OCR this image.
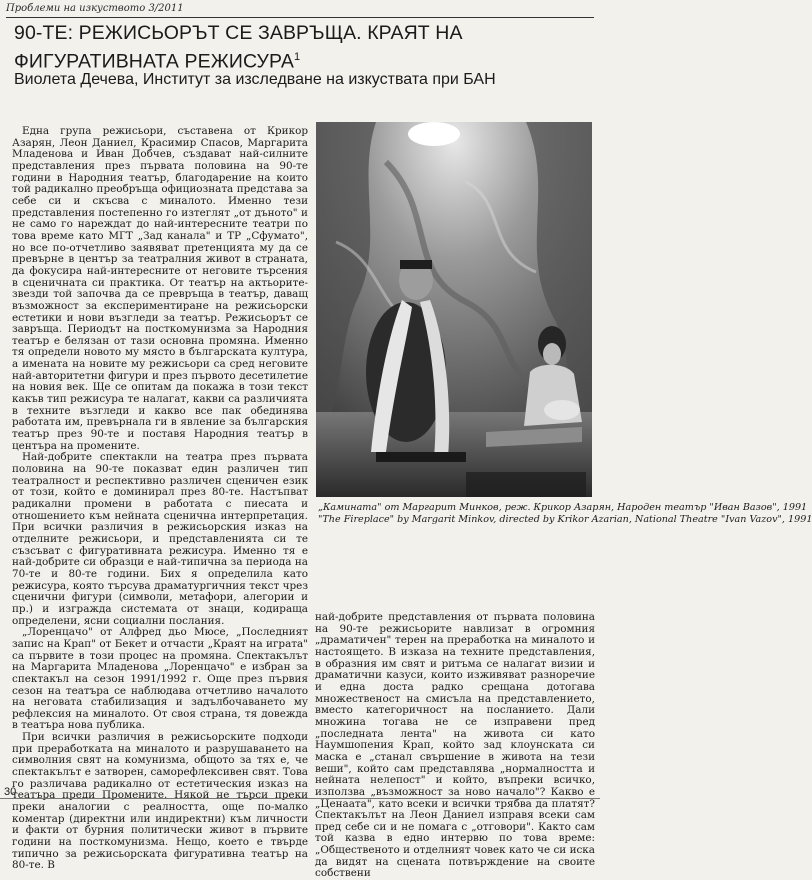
Проблеми на изкуството 3/2011
90-ТЕ: РЕЖИСЬОРЪТ СЕ ЗАВРЪЩА. КРАЯТ НА ФИГУРАТИВНАТА РЕЖИСУРА$^1$
Виолета Дечева, Институт за изследване на изкуствата при БАН

Една група режисьори, съставена от Крикор Азарян, Леон Даниел, Красимир Спасов, Маргарита Младенова и Иван Добчев, създават най-силните представления през първата половина на 90-те години в Народния театър, благодарение на които той радикално преобръща официозната представа за себе си и скъсва с миналото. Именно тези представления постепенно го изтеглят „от дъното" и не само го нареждат до най-интересните театри по това време като МГТ „Зад канала" и ТР „Сфумато", но все по-отчетливо заявяват претенцията му да се превърне в център за театралния живот в страната, да фокусира най-интересните от неговите търсения в сценичната си практика. От театър на актьорите-звезди той започва да се превръща в театър, даващ възможност за експериментиране на режисьорски естетики и нови възгледи за театър. Режисьорът се завръща. Периодът на посткомунизма за Народния театър е белязан от тази основна промяна. Именно тя определи новото му място в българската култура, а имената на новите му режисьори са сред неговите най-авторитетни фигури и през първото десетилетие на новия век. Ще се опитам да покажа в този текст какъв тип режисура те налагат, какви са различията в техните възгледи и какво все пак обединява работата им, превърнала ги в явление за българския театър през 90-те и поставя Народния театър в центъра на промените.

Най-добрите спектакли на театра през първата половина на 90-те показват един различен тип театралност и респективно различен сценичен език от този, който е доминирал през 80-те. Настъпват радикални промени в работата с пиесата и отношението към нейната сценична интерпретация. При всички различия в режисьорския изказ на отделните режисьори, и представленията си те съзсъват с фигуративната режисура. Именно тя е най-добрите си образци е най-типична за периода на 70-те и 80-те години. Бих я определила като режисура, която търсува драматургичния текст чрез сценични фигури (символи, метафори, алегории и пр.) и изгражда системата от знаци, кодираща определени, ясни социални послания.

„Лоренцачо" от Алфред дьо Мюсе, „Последният запис на Крап" от Бекет и отчасти „Краят на играта" са първите в този процес на промяна. Спектакълът на Маргарита Младенова „Лоренцачо" е избран за спектакъл на сезон 1991/1992 г. Още през първия сезон на театъра се наблюдава отчетливо началото на неговата стабилизация и задълбочаването му рефлексия на миналото. От своя страна, тя довежда в театъра нова публика.

При всички различия в режисьорските подходи при преработката на миналото и разрушаването на символния свят на комунизма, общото за тях е, че спектакълът е затворен, саморефлексивен свят. Това го различава радикално от естетическия изказ на театъра преди Промените. Някой не търси преки преки аналогии с реалността, още по-малко коментар (директни или индиректни) към личности и факти от бурния политически живот в първите години на посткомунизма. Нещо, което е твърде типично за режисьорската фигуративна театър на 80-те. В

„Камината" от Маргарит Минков, реж. Крикор Азарян, Народен театър "Иван Вазов", 1991
"The Fireplace" by Margarit Minkov, directed by Krikor Azarian, National Theatre "Ivan Vazov", 1991

най-добрите представления от първата половина на 90-те режисьорите навлизат в огромния „драматичен" терен на преработка на миналото и настоящето. В изказа на техните представления, в образния им свят и ритъма се налагат визии и драматични казуси, които изживяват разноречие и една доста радко срещана дотогава множественост на смисъла на представлението, вместо категоричност на посланието. Дали множина тогава не се изправени пред „последната лента" на живота си като Наумшопения Крап, който зад клоунската си маска е „станал свършение в живота на тези веши", който сам представлява „нормалността и нейната нелепост" и който, въпреки всичко, използва „възможност за ново начало"? Какво е „Ценаата", като всеки и всички трябва да платят? Спектакълът на Леон Даниел изправя всеки сам пред себе си и не помага с „отговори". Както сам той казва в едно интервю по това време: „Общественото и отделният човек като че си иска да видят на сцената потвърждение на своите собствени

30
